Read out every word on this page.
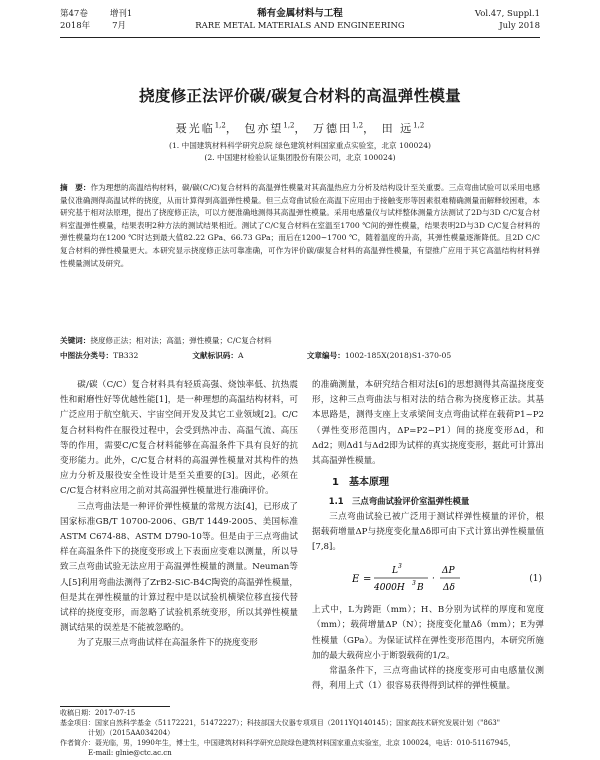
第47卷	增刊1
2018年	7月
稀有金属材料与工程
RARE METAL MATERIALS AND ENGINEERING
Vol.47, Suppl.1
July 2018
挠度修正法评价碳/碳复合材料的高温弹性模量
聂光临$^{1,2}$， 包亦望$^{1,2}$， 万德田$^{1,2}$， 田 远$^{1,2}$
(1. 中国建筑材料科学研究总院 绿色建筑材料国家重点实验室，北京 100024)
(2. 中国建材检验认证集团股份有限公司，北京 100024)
摘　要：作为理想的高温结构材料，碳/碳(C/C)复合材料的高温弹性模量对其高温热应力分析及结构设计至关重要。三点弯曲试验可以采用电感量仪准确测得高温试样的挠度，从而计算得到高温弹性模量。但三点弯曲试验在高温下应用由于接触变形等因素很难精确测量而解释较困难，本研究基于相对法原理，提出了挠度修正法，可以方便准确地测得其高温弹性模量。采用电感量仪与试样整体测量方法测试了2D与3D C/C复合材料室温弹性模量，结果表明2种方法的测试结果相近。测试了C/C复合材料在室温至1700 ℃间的弹性模量，结果表明2D与3D C/C复合材料的弹性模量均在1200 ℃时达到最大值82.22 GPa、66.73 GPa；而后在1200~1700 ℃，随着温度的升高，其弹性模量逐渐降低。且2D C/C复合材料的弹性模量更大。本研究显示挠度修正法可靠准确，可作为评价碳/碳复合材料的高温弹性模量，有望推广应用于其它高温结构材料弹性模量测试及研究。
关键词：挠度修正法；相对法；高温；弹性模量；C/C复合材料
中图法分类号：TB332	文献标识码：A	文章编号：1002-185X(2018)S1-370-05

碳/碳（C/C）复合材料具有轻质高强、烧蚀率低、抗热震性和耐磨性好等优越性能[1]，是一种理想的高温结构材料，可广泛应用于航空航天、宇宙空间开发及其它工业领域[2]。C/C复合材料构件在服役过程中，会受到热冲击、高温气流、高压等的作用，需要C/C复合材料能够在高温条件下具有良好的抗变形能力。此外，C/C复合材料的高温弹性模量对其构件的热应力分析及服役安全性设计是至关重要的[3]。因此，必须在C/C复合材料应用之前对其高温弹性模量进行准确评价。

三点弯曲法是一种评价弹性模量的常规方法[4]，已形成了国家标准GB/T 10700-2006、GB/T 1449-2005、美国标准ASTM C674-88、ASTM D790-10等。但是由于三点弯曲试样在高温条件下的挠度变形或上下表面应变难以测量，所以导致三点弯曲试验无法应用于高温弹性模量的测量。Neuman等人[5]利用弯曲法测得了ZrB2-SiC-B4C陶瓷的高温弹性模量，但是其在弹性模量的计算过程中是以试验机横梁位移直接代替试样的挠度变形，而忽略了试验机系统变形，所以其弹性模量测试结果的误差是不能被忽略的。

为了克服三点弯曲试样在高温条件下的挠度变形

的准确测量，本研究结合相对法[6]的思想测得其高温挠度变形，这种三点弯曲法与相对法的结合称为挠度修正法。其基本思路是，测得支座上支承梁间支点弯曲试样在载荷P1~P2（弹性变形范围内，ΔP=P2−P1）间的挠度变形Δd，和Δd2；则Δd1与Δd2即为试样的真实挠度变形，据此可计算出其高温弹性模量。

1　基本原理

1.1　三点弯曲试验评价室温弹性模量

三点弯曲试验已被广泛用于测试样弹性模量的评价，根据载荷增量ΔP与挠度变化量Δδ即可由下式计算出弹性模量值[7,8]。

E =
L 3
4000H 3 B
·
ΔP
Δδ
(1)

上式中，L为跨距（mm）；H、B分别为试样的厚度和宽度（mm）；载荷增量ΔP（N）；挠度变化量Δδ（mm）；E为弹性模量（GPa）。为保证试样在弹性变形范围内，本研究所施加的最大载荷应小于断裂载荷的1/2。

常温条件下，三点弯曲试样的挠度变形可由电感量仪测得，利用上式（1）很容易获得得到试样的弹性模量。

收稿日期：2017-07-15
基金项目：国家自然科学基金（51172221，51472227）；科技部国大仪器专项项目（2011YQ140145）；国家高技术研究发展计划（"863"
　　　　计划）（2015AA034204）
作者简介：聂光临，男，1990年生，博士生，中国建筑材料科学研究总院绿色建筑材料国家重点实验室，北京 100024，电话：010-51167945，
　　　　E-mail: glnie@ctc.ac.cn
